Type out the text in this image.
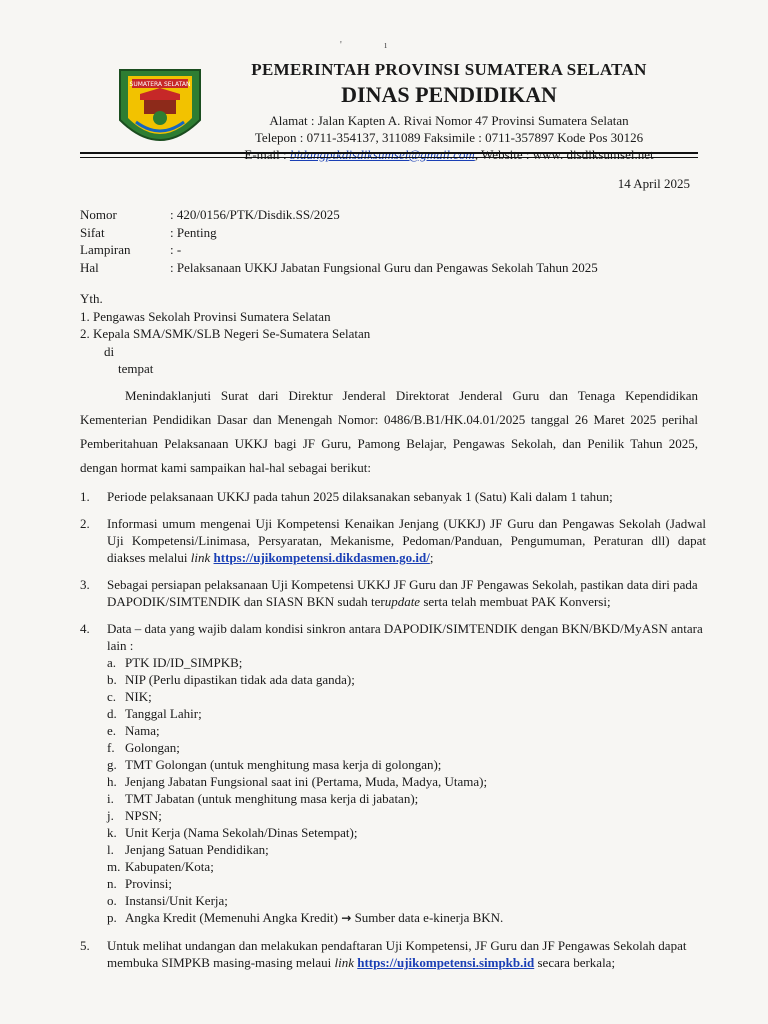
' ı
SUMATERA SELATAN
PEMERINTAH PROVINSI SUMATERA SELATAN
DINAS PENDIDIKAN
Alamat : Jalan Kapten A. Rivai Nomor 47 Provinsi Sumatera Selatan
Telepon : 0711-354137, 311089 Faksimile : 0711-357897 Kode Pos 30126
E-mail : bidangptkdisdiksumsel@gmail.com, Website : www. disdiksumsel.net
14 April 2025
Nomor	: 420/0156/PTK/Disdik.SS/2025
Sifat	: Penting
Lampiran	: -
Hal	: Pelaksanaan UKKJ Jabatan Fungsional Guru dan Pengawas Sekolah Tahun 2025
Yth.
1. Pengawas Sekolah Provinsi Sumatera Selatan
2. Kepala SMA/SMK/SLB Negeri Se-Sumatera Selatan
di
tempat
Menindaklanjuti Surat dari Direktur Jenderal Direktorat Jenderal Guru dan Tenaga Kependidikan Kementerian Pendidikan Dasar dan Menengah Nomor: 0486/B.B1/HK.04.01/2025 tanggal 26 Maret 2025 perihal Pemberitahuan Pelaksanaan UKKJ bagi JF Guru, Pamong Belajar, Pengawas Sekolah, dan Penilik Tahun 2025, dengan hormat kami sampaikan hal-hal sebagai berikut:
1.	Periode pelaksanaan UKKJ pada tahun 2025 dilaksanakan sebanyak 1 (Satu) Kali dalam 1 tahun;
2.	Informasi umum mengenai Uji Kompetensi Kenaikan Jenjang (UKKJ) JF Guru dan Pengawas Sekolah (Jadwal Uji Kompetensi/Linimasa, Persyaratan, Mekanisme, Pedoman/Panduan, Pengumuman, Peraturan dll) dapat diakses melalui link https://ujikompetensi.dikdasmen.go.id/;
3.	Sebagai persiapan pelaksanaan Uji Kompetensi UKKJ JF Guru dan JF Pengawas Sekolah, pastikan data diri pada DAPODIK/SIMTENDIK dan SIASN BKN sudah terupdate serta telah membuat PAK Konversi;
4.	Data – data yang wajib dalam kondisi sinkron antara DAPODIK/SIMTENDIK dengan BKN/BKD/MyASN antara lain :
a. PTK ID/ID_SIMPKB;
b. NIP (Perlu dipastikan tidak ada data ganda);
c. NIK;
d. Tanggal Lahir;
e. Nama;
f. Golongan;
g. TMT Golongan (untuk menghitung masa kerja di golongan);
h. Jenjang Jabatan Fungsional saat ini (Pertama, Muda, Madya, Utama);
i. TMT Jabatan (untuk menghitung masa kerja di jabatan);
j. NPSN;
k. Unit Kerja (Nama Sekolah/Dinas Setempat);
l. Jenjang Satuan Pendidikan;
m. Kabupaten/Kota;
n. Provinsi;
o. Instansi/Unit Kerja;
p. Angka Kredit (Memenuhi Angka Kredit) → Sumber data e-kinerja BKN.
5.	Untuk melihat undangan dan melakukan pendaftaran Uji Kompetensi, JF Guru dan JF Pengawas Sekolah dapat membuka SIMPKB masing-masing melaui link https://ujikompetensi.simpkb.id secara berkala;
